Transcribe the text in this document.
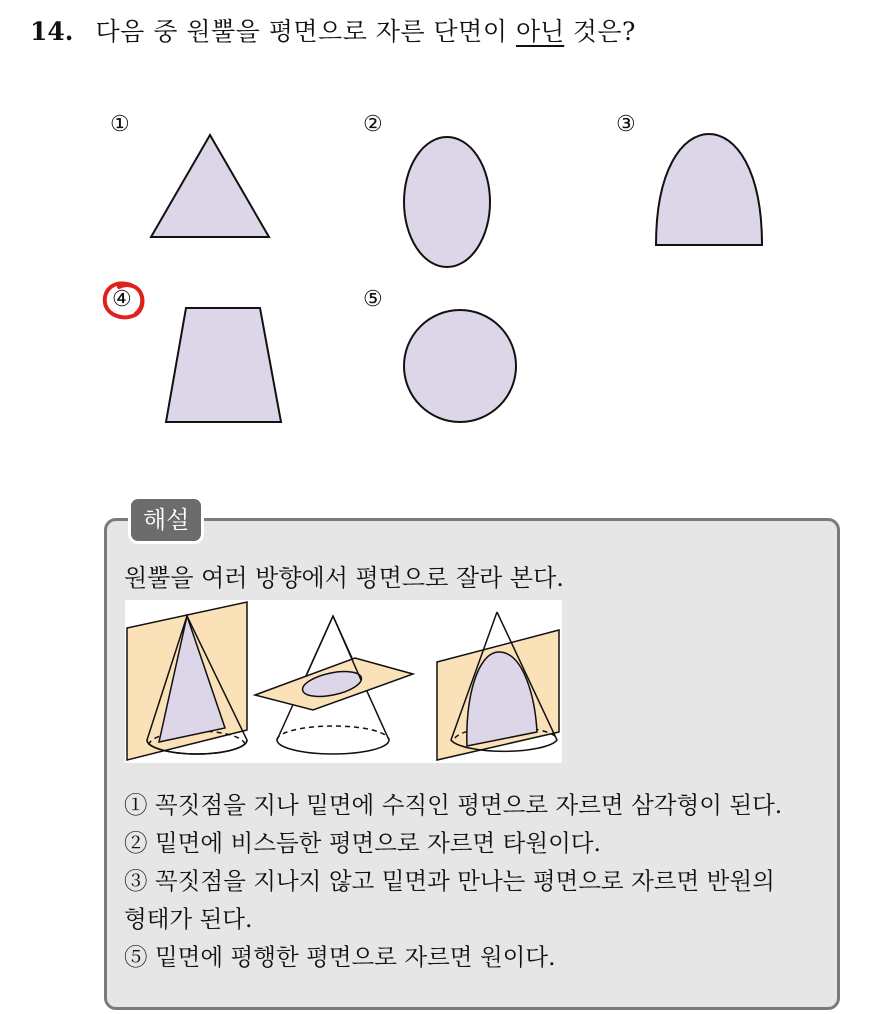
14. 다음 중 원뿔을 평면으로 자른 단면이 아닌 것은?
①	②	③
④	⑤
해설
원뿔을 여러 방향에서 평면으로 잘라 본다.
① 꼭짓점을 지나 밑면에 수직인 평면으로 자르면 삼각형이 된다.
② 밑면에 비스듬한 평면으로 자르면 타원이다.
③ 꼭짓점을 지나지 않고 밑면과 만나는 평면으로 자르면 반원의
형태가 된다.
⑤ 밑면에 평행한 평면으로 자르면 원이다.
